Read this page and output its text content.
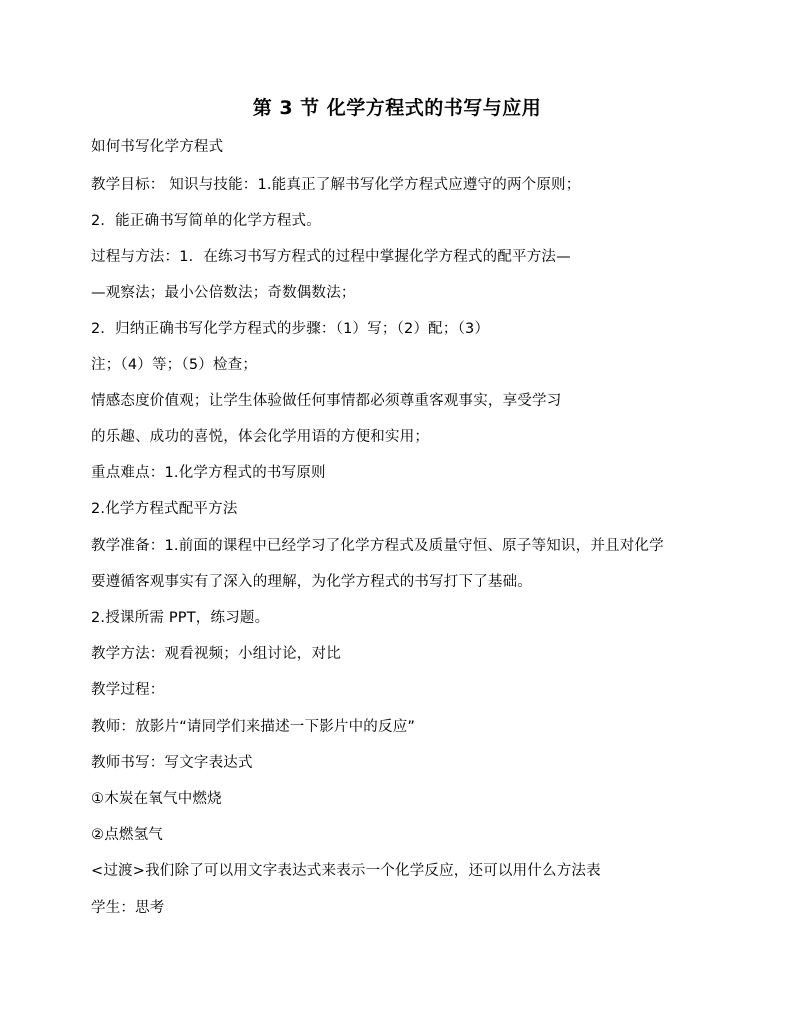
第 3 节 化学方程式的书写与应用
如何书写化学方程式
教学目标： 知识与技能：1.能真正了解书写化学方程式应遵守的两个原则；
2．能正确书写简单的化学方程式。
过程与方法：1．在练习书写方程式的过程中掌握化学方程式的配平方法—
—观察法；最小公倍数法；奇数偶数法；
2．归纳正确书写化学方程式的步骤：（1）写；（2）配；（3）
注；（4）等；（5）检查；
情感态度价值观；让学生体验做任何事情都必须尊重客观事实，享受学习
的乐趣、成功的喜悦，体会化学用语的方便和实用；
重点难点：1.化学方程式的书写原则
2.化学方程式配平方法
教学准备：1.前面的课程中已经学习了化学方程式及质量守恒、原子等知识，并且对化学
要遵循客观事实有了深入的理解，为化学方程式的书写打下了基础。
2.授课所需 PPT，练习题。
教学方法：观看视频；小组讨论，对比
教学过程：
教师：放影片“请同学们来描述一下影片中的反应”
教师书写：写文字表达式
①木炭在氧气中燃烧
②点燃氢气
<过渡>我们除了可以用文字表达式来表示一个化学反应，还可以用什么方法表
学生：思考
